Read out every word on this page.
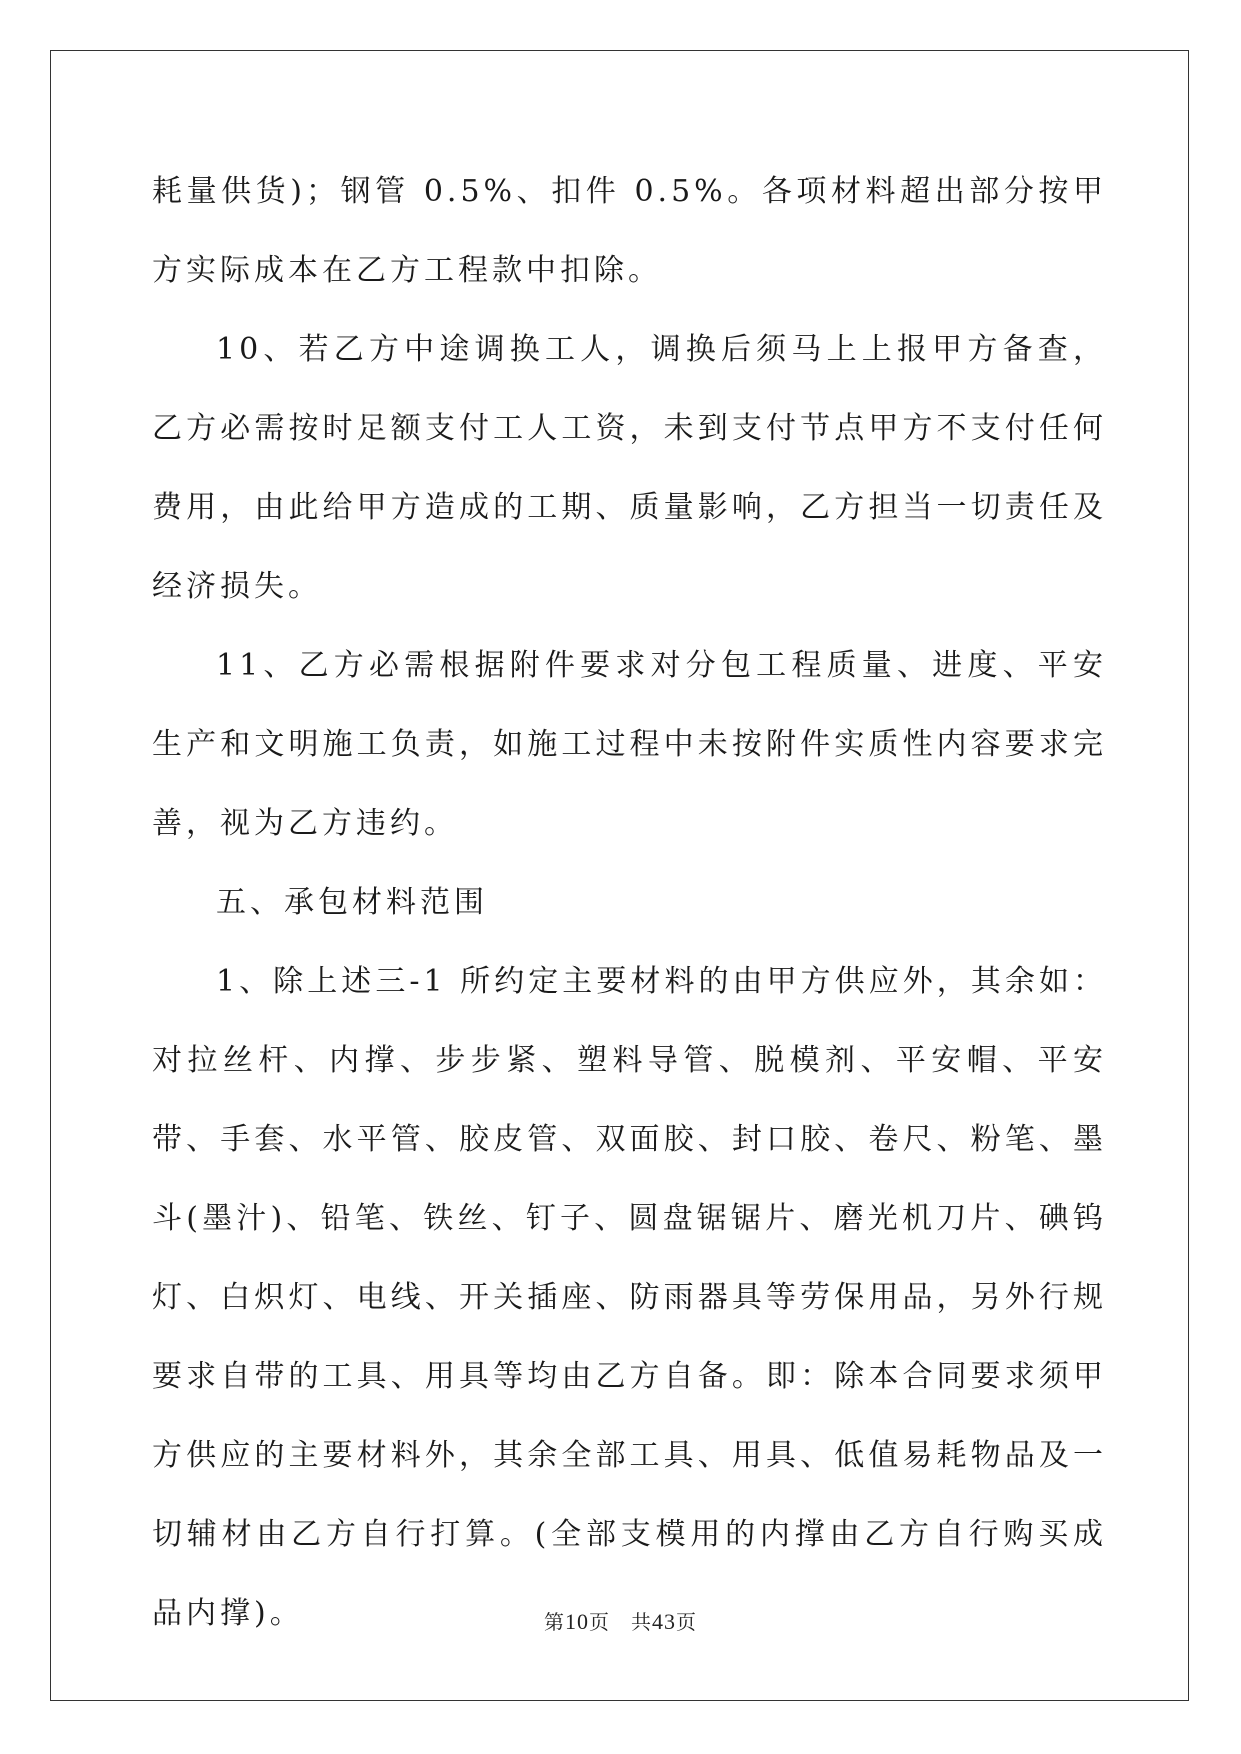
耗量供货)；钢管 0.5%、扣件 0.5%。各项材料超出部分按甲方实际成本在乙方工程款中扣除。

10、若乙方中途调换工人，调换后须马上上报甲方备查，乙方必需按时足额支付工人工资，未到支付节点甲方不支付任何费用，由此给甲方造成的工期、质量影响，乙方担当一切责任及经济损失。

11、乙方必需根据附件要求对分包工程质量、进度、平安生产和文明施工负责，如施工过程中未按附件实质性内容要求完善，视为乙方违约。

五、承包材料范围

1、除上述三-1 所约定主要材料的由甲方供应外，其余如：对拉丝杆、内撑、步步紧、塑料导管、脱模剂、平安帽、平安带、手套、水平管、胶皮管、双面胶、封口胶、卷尺、粉笔、墨斗(墨汁)、铅笔、铁丝、钉子、圆盘锯锯片、磨光机刀片、碘钨灯、白炽灯、电线、开关插座、防雨器具等劳保用品，另外行规要求自带的工具、用具等均由乙方自备。即：除本合同要求须甲方供应的主要材料外，其余全部工具、用具、低值易耗物品及一切辅材由乙方自行打算。(全部支模用的内撑由乙方自行购买成品内撑)。	第10页　共43页
